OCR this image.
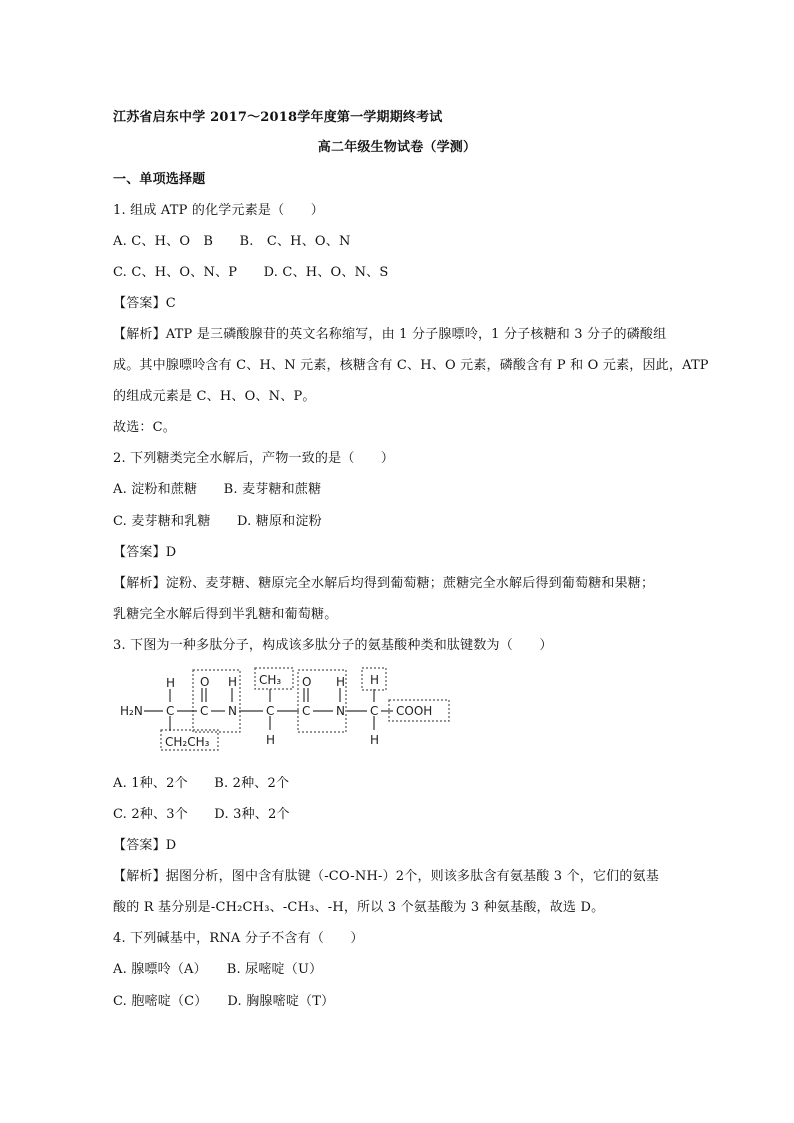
江苏省启东中学 2017～2018学年度第一学期期终考试
高二年级生物试卷（学测）
一、单项选择题
1. 组成 ATP 的化学元素是（　　）
A. C、H、O　B　　B.　C、H、O、N
C. C、H、O、N、P　　D. C、H、O、N、S
【答案】C
【解析】ATP 是三磷酸腺苷的英文名称缩写，由 1 分子腺嘌呤，1 分子核糖和 3 分子的磷酸组
成。其中腺嘌呤含有 C、H、N 元素，核糖含有 C、H、O 元素，磷酸含有 P 和 O 元素，因此，ATP
的组成元素是 C、H、O、N、P。
故选：C。
2. 下列糖类完全水解后，产物一致的是（　　）
A. 淀粉和蔗糖　　B. 麦芽糖和蔗糖
C. 麦芽糖和乳糖　　D. 糖原和淀粉
【答案】D
【解析】淀粉、麦芽糖、糖原完全水解后均得到葡萄糖；蔗糖完全水解后得到葡萄糖和果糖；
乳糖完全水解后得到半乳糖和葡萄糖。
3. 下图为一种多肽分子，构成该多肽分子的氨基酸种类和肽键数为（　　）
H₂N
H
C
CH₂CH₃
O
C
H
N
CH₃
C
H
O
C
H
N
H
C
H
COOH
A. 1种、2个　　B. 2种、2个
C. 2种、3个　　D. 3种、2个
【答案】D
【解析】据图分析，图中含有肽键（-CO-NH-）2个，则该多肽含有氨基酸 3 个，它们的氨基
酸的 R 基分别是-CH₂CH₃、-CH₃、-H，所以 3 个氨基酸为 3 种氨基酸，故选 D。
4. 下列碱基中，RNA 分子不含有（　　）
A. 腺嘌呤（A）　　B. 尿嘧啶（U）
C. 胞嘧啶（C）　　D. 胸腺嘧啶（T）
